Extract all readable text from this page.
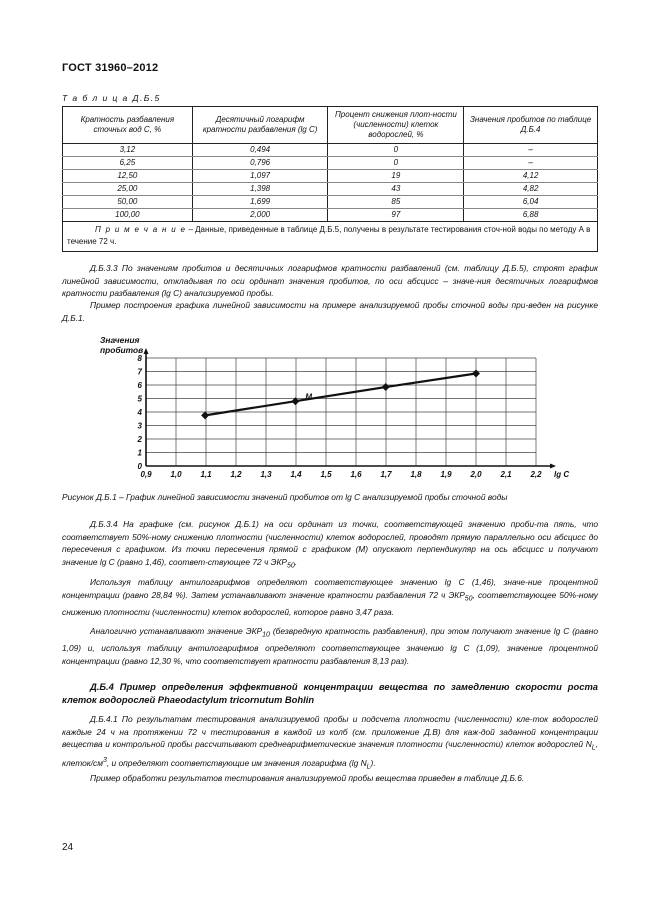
ГОСТ 31960–2012
Т а б л и ц а Д.Б.5
Кратность разбавления сточных вод C, %	Десятичный логарифм кратности разбавления (lg C)	Процент снижения плот-ности (численности) клеток водорослей, %	Значения пробитов по таблице Д.Б.4
3,12	0,494	0	–
6,25	0,796	0	–
12,50	1,097	19	4,12
25,00	1,398	43	4,82
50,00	1,699	85	6,04
100,00	2,000	97	6,88
П р и м е ч а н и е – Данные, приведенные в таблице Д.Б.5, получены в результате тестирования сточ-ной воды по методу А в течение 72 ч.			

Д.Б.3.3 По значениям пробитов и десятичных логарифмов кратности разбавлений (см. таблицу Д.Б.5), строят график линейной зависимости, откладывая по оси ординат значения пробитов, по оси абсцисс – значе-ния десятичных логарифмов кратности разбавления (lg C) анализируемой пробы.

Пример построения графика линейной зависимости на примере анализируемой пробы сточной воды при-веден на рисунке Д.Б.1.

0,9 1,0 1,1 1,2 1,3 1,4 1,5 1,6 1,7 1,8 1,9 2,0 2,1 2,2
0
1
2
3
4
5
6
7
8
lg C
Значения
пробитов
M
Рисунок Д.Б.1 – График линейной зависимости значений пробитов от lg C анализируемой пробы сточной воды

Д.Б.3.4 На графике (см. рисунок Д.Б.1) на оси ординат из точки, соответствующей значению проби-та пять, что соответствует 50%-ному снижению плотности (численности) клеток водорослей, проводят прямую параллельно оси абсцисс до пересечения с графиком. Из точки пересечения прямой с графиком (M) опускают перпендикуляр на ось абсцисс и получают значение lg C (равно 1,46), соответ-ствующее 72 ч $ЭКР_{50}$.

Используя таблицу антилогарифмов определяют соответствующее значению lg C (1,46), значе-ние процентной концентрации (равно 28,84 %). Затем устанавливают значение кратности разбавления 72 ч $ЭКР_{50}$, соответствующее 50%-ному снижению плотности (численности) клеток водорослей, которое равно 3,47 раза.

Аналогично устанавливают значение $ЭКР_{10}$ (безвредную кратность разбавления), при этом получают значение lg C (равно 1,09) и, используя таблицу антилогарифмов определяют соответствующее значению lg C (1,09), значение процентной концентрации (равно 12,30 %, что соответствует кратности разбавления 8,13 раз).

Д.Б.4 Пример определения эффективной концентрации вещества по замедлению скорости роста клеток водорослей Phaeodactylum tricornutum Bohlin

Д.Б.4.1 По результатам тестирования анализируемой пробы и подсчета плотности (численности) кле-ток водорослей каждые 24 ч на протяжении 72 ч тестирования в каждой из колб (см. приложение Д.В) для каж-дой заданной концентрации вещества и контрольной пробы рассчитывают среднеарифметические значения плотности (численности) клеток водорослей $N_L$, клеток/$см^3$, и определяют соответствующие им значения логарифма (lg $N_L$).

Пример обработки результатов тестирования анализируемой пробы вещества приведен в таблице Д.Б.6.

24
